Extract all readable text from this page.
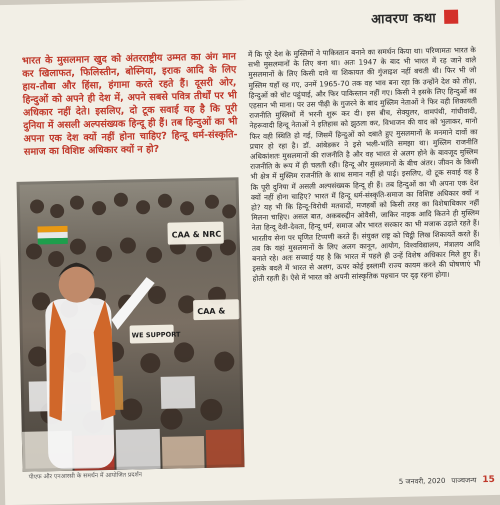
आवरण कथा
भारत के मुसलमान खुद को अंतरराष्ट्रीय उम्मत का अंग मान कर खिलाफत, फिलिस्तीन, बोस्निया, इराक आदि के लिए हाय-तौबा और हिंसा, हंगामा करते रहते हैं। दूसरी ओर, हिन्दुओं को अपने ही देश में, अपने सबसे पवित्र तीर्थों पर भी अधिकार नहीं देते। इसलिए, दो टूक सवाई यह है कि पूरी दुनिया में असली अल्पसंख्यक हिन्दू ही हैं। तब हिन्दुओं का भी अपना एक देश क्यों नहीं होना चाहिए? हिन्दू धर्म-संस्कृति-समाज का विशिष्ट अधिकार क्यों न हो?
CAA & NRC
CAA &
WE SUPPORT
पीएफ और एनआरसी के समर्थन में आयोजित प्रदर्शन
में कि पूरे देश के मुस्लिमों ने पाकिस्तान बनाने का समर्थन किया था। परिणामतः भारत के सभी मुसलमानों के लिए बना था। अतः 1947 के बाद भी भारत में रह जाने वाले मुसलमानों के लिए किसी दावे या शिकायत की गुंजाइश नहीं बचती थी। फिर भी जो मुस्लिम यहाँ रह गए, उनमें 1965-70 तक वह भाव बना रहा कि उन्होंने देश को तोड़ा, हिन्दुओं को चोट पहुंचाई, और फिर पाकिस्तान नहीं गए। किसी ने इसके लिए हिन्दुओं का एहसान भी माना। पर उस पीढ़ी के गुजरने के बाद मुस्लिम नेताओं ने फिर वही शिकायती राजनीति मुस्लिमों में भरनी शुरू कर दी। इस बीच, सेक्युलर, वामपंथी, गांधीवादी, नेहरूवादी हिन्दू नेताओं ने इतिहास को झुठला कर, विभाजन की याद को भुलाकर, मानो फिर वही स्थिति हो गई, जिसमें हिन्दुओं को दबाते हुए मुसलमानों के मनमाने दावों का प्रचार हो रहा है। डॉ. आंबेडकर ने इसे भली-भांति समझा था। मुस्लिम राजनीति अधिकांशतः मुसलमानों की राजनीति है और वह भारत से अलग होने के बावजूद मुस्लिम राजनीति के रूप में ही चलती रही। हिन्दू और मुसलमानों के बीच अंतर। जीवन के किसी भी क्षेत्र में मुस्लिम राजनीति के साथ समान नहीं हो पाई। इसलिए, दो टूक सवाई यह है कि पूरी दुनिया में असली अल्पसंख्यक हिन्दू ही हैं। तब हिन्दुओं का भी अपना एक देश क्यों नहीं होना चाहिए? भारत में हिन्दू धर्म-संस्कृति-समाज का विशिष्ट अधिकार क्यों न हो? यह भी कि हिन्दू-विरोधी मतवादों, मजहबों को किसी तरह का विशेषाधिकार नहीं मिलना चाहिए। असल बात, अकबरुद्दीन ओवैसी, जाकिर नाइक आदि कितने ही मुस्लिम नेता हिन्दू देवी-देवता, हिन्दू धर्म, समाज और भारत सरकार का भी मजाक उड़ाते रहते हैं। भारतीय सेना पर घृणित टिप्पणी करते हैं। संयुक्त राष्ट्र को चिट्ठी लिख शिकायतें करते हैं। तब कि यहां मुसलमानों के लिए अलग कानून, आयोग, विश्वविद्यालय, मंत्रालय आदि बनाते रहे। अतः सच्चाई यह है कि भारत में पहले ही उन्हें विशेष अधिकार मिले हुए हैं। इसके बदले में भारत से अलग, ऊपर कोई इस्लामी राज्य कायम करने की घोषणाएं भी होती रहती हैं। ऐसे में भारत को अपनी सांस्कृतिक पहचान पर दृढ़ रहना होगा।
5 जनवरी, 2020 पाञ्चजन्य 15
